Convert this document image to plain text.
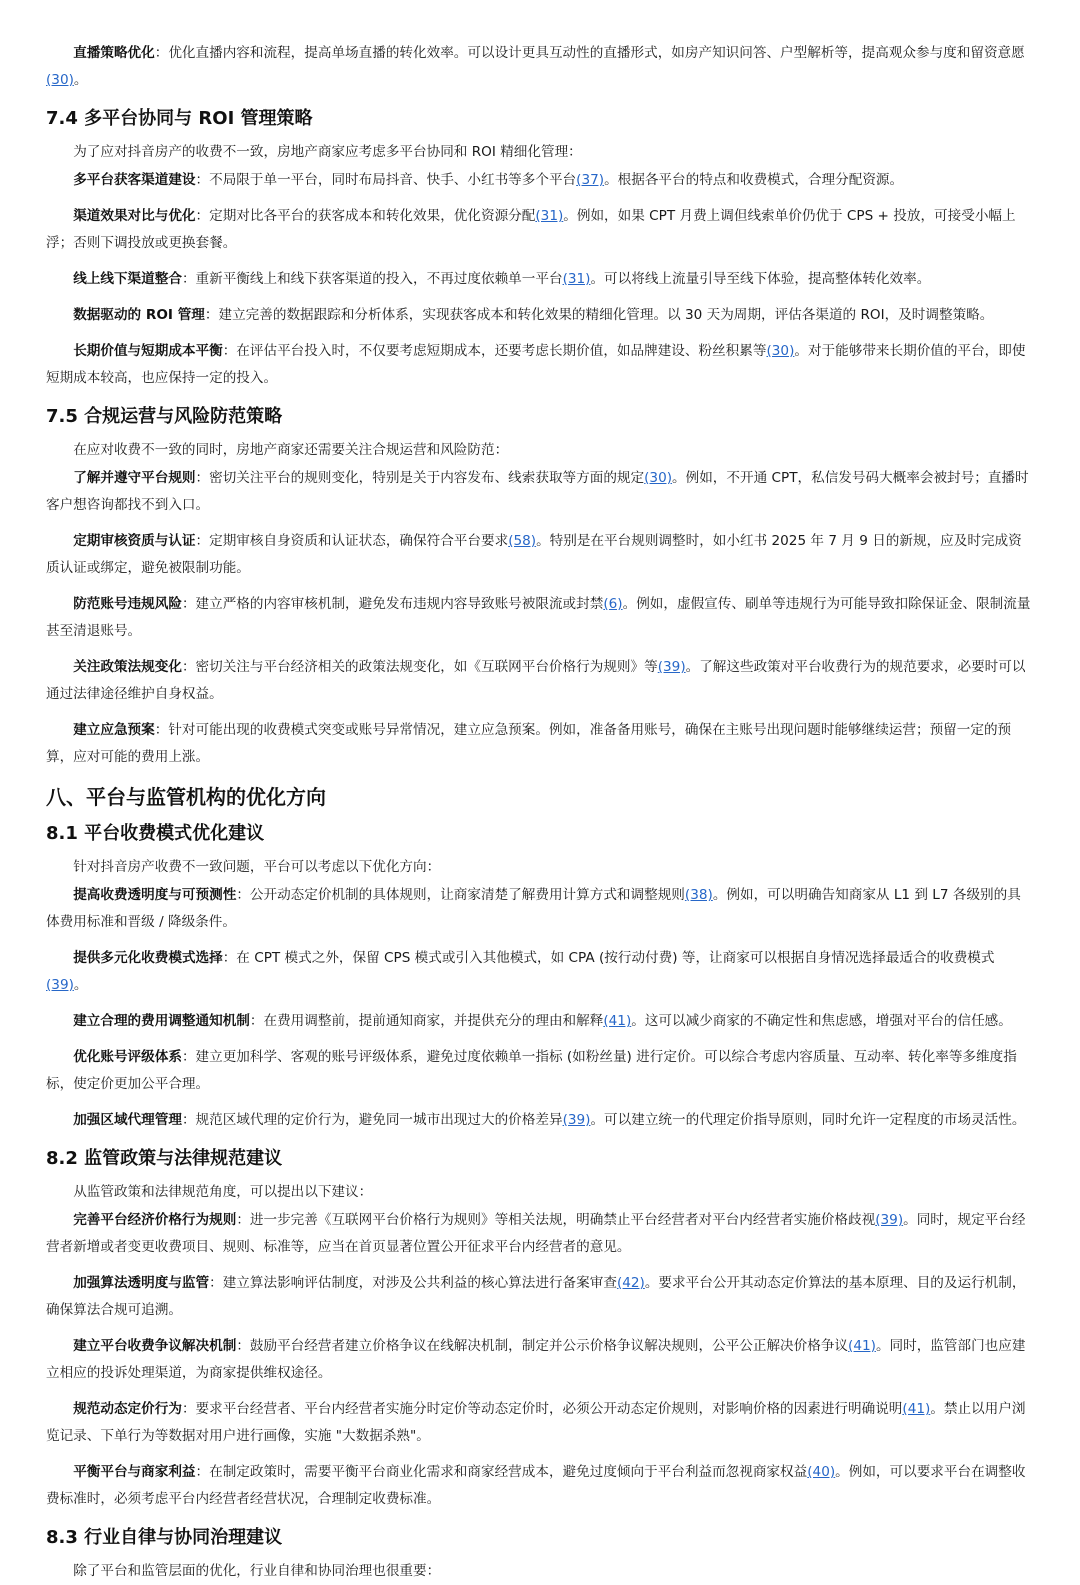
直播策略优化：优化直播内容和流程，提高单场直播的转化效率。可以设计更具互动性的直播形式，如房产知识问答、户型解析等，提高观众参与度和留资意愿(30)。

7.4 多平台协同与 ROI 管理策略

为了应对抖音房产的收费不一致，房地产商家应考虑多平台协同和 ROI 精细化管理：

多平台获客渠道建设：不局限于单一平台，同时布局抖音、快手、小红书等多个平台(37)。根据各平台的特点和收费模式，合理分配资源。

渠道效果对比与优化：定期对比各平台的获客成本和转化效果，优化资源分配(31)。例如，如果 CPT 月费上调但线索单价仍优于 CPS + 投放，可接受小幅上浮；否则下调投放或更换套餐。

线上线下渠道整合：重新平衡线上和线下获客渠道的投入，不再过度依赖单一平台(31)。可以将线上流量引导至线下体验，提高整体转化效率。

数据驱动的 ROI 管理：建立完善的数据跟踪和分析体系，实现获客成本和转化效果的精细化管理。以 30 天为周期，评估各渠道的 ROI，及时调整策略。

长期价值与短期成本平衡：在评估平台投入时，不仅要考虑短期成本，还要考虑长期价值，如品牌建设、粉丝积累等(30)。对于能够带来长期价值的平台，即使短期成本较高，也应保持一定的投入。

7.5 合规运营与风险防范策略

在应对收费不一致的同时，房地产商家还需要关注合规运营和风险防范：

了解并遵守平台规则：密切关注平台的规则变化，特别是关于内容发布、线索获取等方面的规定(30)。例如，不开通 CPT，私信发号码大概率会被封号；直播时客户想咨询都找不到入口。

定期审核资质与认证：定期审核自身资质和认证状态，确保符合平台要求(58)。特别是在平台规则调整时，如小红书 2025 年 7 月 9 日的新规，应及时完成资质认证或绑定，避免被限制功能。

防范账号违规风险：建立严格的内容审核机制，避免发布违规内容导致账号被限流或封禁(6)。例如，虚假宣传、刷单等违规行为可能导致扣除保证金、限制流量甚至清退账号。

关注政策法规变化：密切关注与平台经济相关的政策法规变化，如《互联网平台价格行为规则》等(39)。了解这些政策对平台收费行为的规范要求，必要时可以通过法律途径维护自身权益。

建立应急预案：针对可能出现的收费模式突变或账号异常情况，建立应急预案。例如，准备备用账号，确保在主账号出现问题时能够继续运营；预留一定的预算，应对可能的费用上涨。

八、平台与监管机构的优化方向
8.1 平台收费模式优化建议

针对抖音房产收费不一致问题，平台可以考虑以下优化方向：

提高收费透明度与可预测性：公开动态定价机制的具体规则，让商家清楚了解费用计算方式和调整规则(38)。例如，可以明确告知商家从 L1 到 L7 各级别的具体费用标准和晋级 / 降级条件。

提供多元化收费模式选择：在 CPT 模式之外，保留 CPS 模式或引入其他模式，如 CPA (按行动付费) 等，让商家可以根据自身情况选择最适合的收费模式(39)。

建立合理的费用调整通知机制：在费用调整前，提前通知商家，并提供充分的理由和解释(41)。这可以减少商家的不确定性和焦虑感，增强对平台的信任感。

优化账号评级体系：建立更加科学、客观的账号评级体系，避免过度依赖单一指标 (如粉丝量) 进行定价。可以综合考虑内容质量、互动率、转化率等多维度指标，使定价更加公平合理。

加强区域代理管理：规范区域代理的定价行为，避免同一城市出现过大的价格差异(39)。可以建立统一的代理定价指导原则，同时允许一定程度的市场灵活性。

8.2 监管政策与法律规范建议

从监管政策和法律规范角度，可以提出以下建议：

完善平台经济价格行为规则：进一步完善《互联网平台价格行为规则》等相关法规，明确禁止平台经营者对平台内经营者实施价格歧视(39)。同时，规定平台经营者新增或者变更收费项目、规则、标准等，应当在首页显著位置公开征求平台内经营者的意见。

加强算法透明度与监管：建立算法影响评估制度，对涉及公共利益的核心算法进行备案审查(42)。要求平台公开其动态定价算法的基本原理、目的及运行机制，确保算法合规可追溯。

建立平台收费争议解决机制：鼓励平台经营者建立价格争议在线解决机制，制定并公示价格争议解决规则，公平公正解决价格争议(41)。同时，监管部门也应建立相应的投诉处理渠道，为商家提供维权途径。

规范动态定价行为：要求平台经营者、平台内经营者实施分时定价等动态定价时，必须公开动态定价规则，对影响价格的因素进行明确说明(41)。禁止以用户浏览记录、下单行为等数据对用户进行画像，实施 "大数据杀熟"。

平衡平台与商家利益：在制定政策时，需要平衡平台商业化需求和商家经营成本，避免过度倾向于平台利益而忽视商家权益(40)。例如，可以要求平台在调整收费标准时，必须考虑平台内经营者经营状况，合理制定收费标准。

8.3 行业自律与协同治理建议

除了平台和监管层面的优化，行业自律和协同治理也很重要：
